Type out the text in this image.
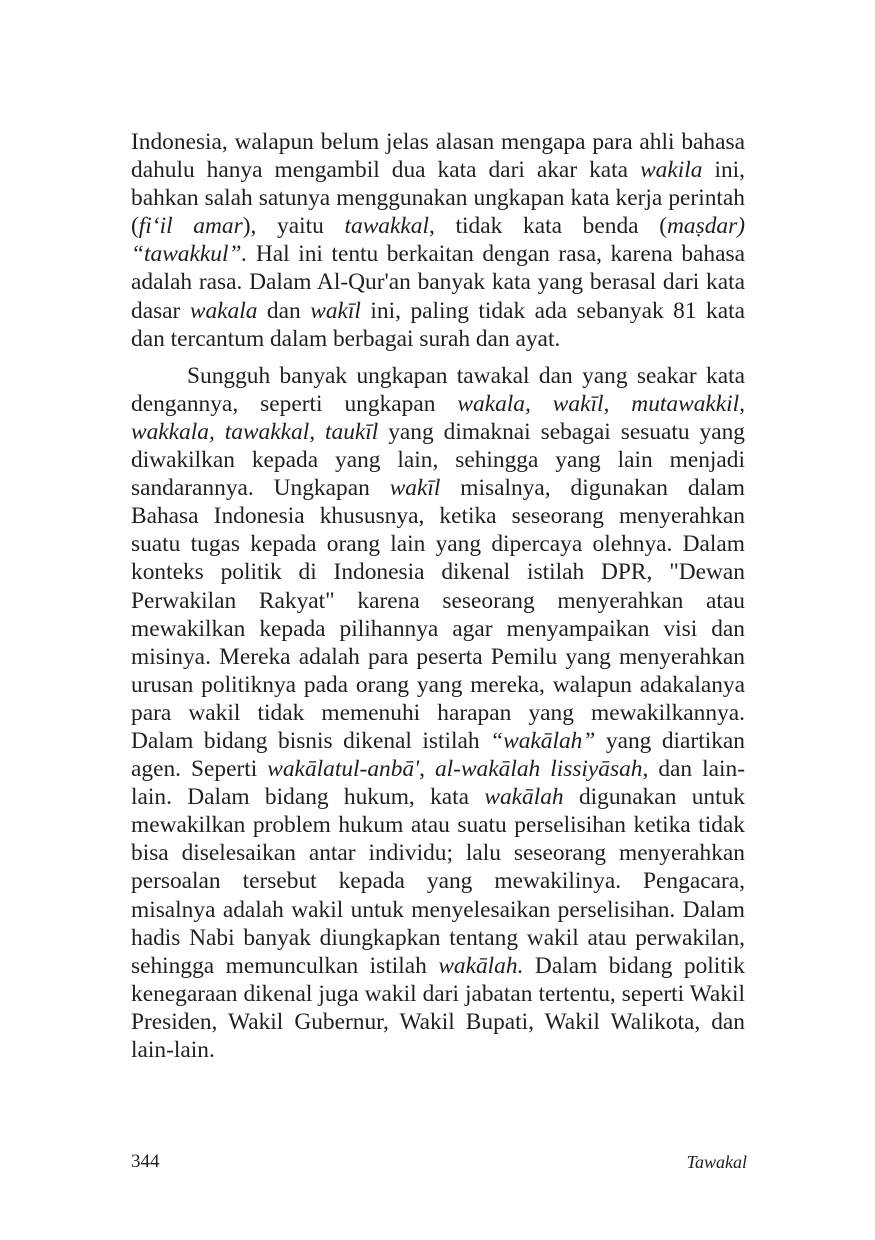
Indonesia, walapun belum jelas alasan mengapa para ahli bahasa dahulu hanya mengambil dua kata dari akar kata wakila ini, bahkan salah satunya menggunakan ungkapan kata kerja perintah (fi‘il amar), yaitu tawakkal, tidak kata benda (maṣdar) “tawakkul”. Hal ini tentu berkaitan dengan rasa, karena bahasa adalah rasa. Dalam Al-Qur'an banyak kata yang berasal dari kata dasar wakala dan wakīl ini, paling tidak ada sebanyak 81 kata dan tercantum dalam berbagai surah dan ayat.

Sungguh banyak ungkapan tawakal dan yang seakar kata dengannya, seperti ungkapan wakala, wakīl, mutawakkil, wakkala, tawakkal, taukīl yang dimaknai sebagai sesuatu yang diwakilkan kepada yang lain, sehingga yang lain menjadi sandarannya. Ungkapan wakīl misalnya, digunakan dalam Bahasa Indonesia khususnya, ketika seseorang menyerahkan suatu tugas kepada orang lain yang dipercaya olehnya. Dalam konteks politik di Indonesia dikenal istilah DPR, "Dewan Perwakilan Rakyat" karena seseorang menyerahkan atau mewakilkan kepada pilihannya agar menyampaikan visi dan misinya. Mereka adalah para peserta Pemilu yang menyerahkan urusan politiknya pada orang yang mereka, walapun adakalanya para wakil tidak memenuhi harapan yang mewakilkannya. Dalam bidang bisnis dikenal istilah “wakālah” yang diartikan agen. Seperti wakālatul-anbā', al-wakālah lissiyāsah, dan lain-lain. Dalam bidang hukum, kata wakālah digunakan untuk mewakilkan problem hukum atau suatu perselisihan ketika tidak bisa diselesaikan antar individu; lalu seseorang menyerahkan persoalan tersebut kepada yang mewakilinya. Pengacara, misalnya adalah wakil untuk menyelesaikan perselisihan. Dalam hadis Nabi banyak diungkapkan tentang wakil atau perwakilan, sehingga memunculkan istilah wakālah. Dalam bidang politik kenegaraan dikenal juga wakil dari jabatan tertentu, seperti Wakil Presiden, Wakil Gubernur, Wakil Bupati, Wakil Walikota, dan lain-lain.

344	Tawakal
